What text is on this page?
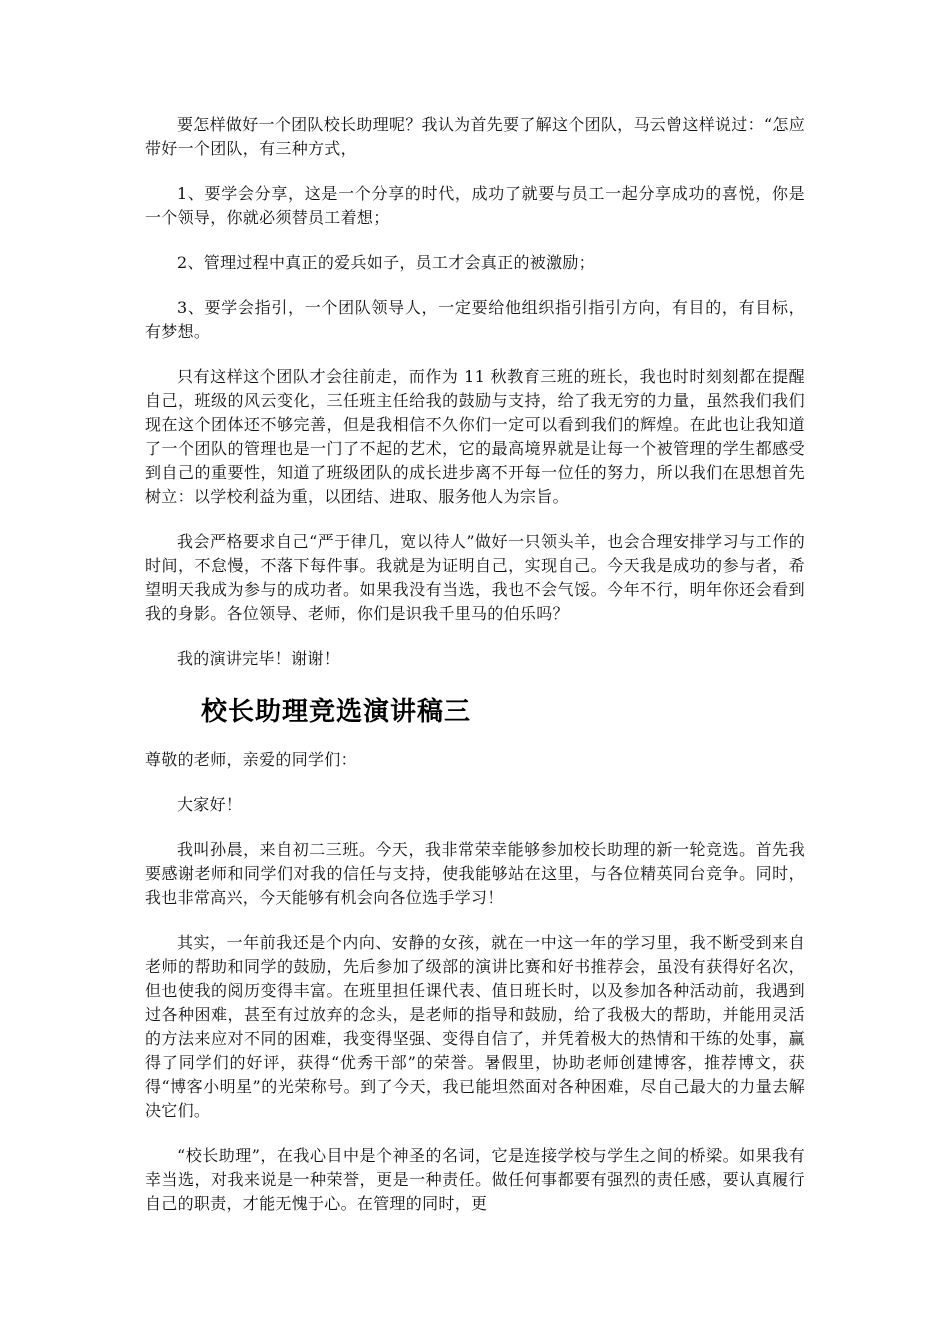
要怎样做好一个团队校长助理呢？我认为首先要了解这个团队，马云曾这样说过：“怎应带好一个团队，有三种方式，

1、要学会分享，这是一个分享的时代，成功了就要与员工一起分享成功的喜悦，你是一个领导，你就必须替员工着想；

2、管理过程中真正的爱兵如子，员工才会真正的被激励；

3、要学会指引，一个团队领导人，一定要给他组织指引指引方向，有目的，有目标，有梦想。

只有这样这个团队才会往前走，而作为 11 秋教育三班的班长，我也时时刻刻都在提醒自己，班级的风云变化，三任班主任给我的鼓励与支持，给了我无穷的力量，虽然我们我们现在这个团体还不够完善，但是我相信不久你们一定可以看到我们的辉煌。在此也让我知道了一个团队的管理也是一门了不起的艺术，它的最高境界就是让每一个被管理的学生都感受到自己的重要性，知道了班级团队的成长进步离不开每一位任的努力，所以我们在思想首先树立：以学校利益为重，以团结、进取、服务他人为宗旨。

我会严格要求自己“严于律几，宽以待人”做好一只领头羊，也会合理安排学习与工作的时间，不怠慢，不落下每件事。我就是为证明自己，实现自己。今天我是成功的参与者，希望明天我成为参与的成功者。如果我没有当选，我也不会气馁。今年不行，明年你还会看到我的身影。各位领导、老师，你们是识我千里马的伯乐吗？

我的演讲完毕！谢谢！

校长助理竞选演讲稿三

尊敬的老师，亲爱的同学们：

大家好！

我叫孙晨，来自初二三班。今天，我非常荣幸能够参加校长助理的新一轮竞选。首先我要感谢老师和同学们对我的信任与支持，使我能够站在这里，与各位精英同台竞争。同时，我也非常高兴，今天能够有机会向各位选手学习！

其实，一年前我还是个内向、安静的女孩，就在一中这一年的学习里，我不断受到来自老师的帮助和同学的鼓励，先后参加了级部的演讲比赛和好书推荐会，虽没有获得好名次，但也使我的阅历变得丰富。在班里担任课代表、值日班长时，以及参加各种活动前，我遇到过各种困难，甚至有过放弃的念头，是老师的指导和鼓励，给了我极大的帮助，并能用灵活的方法来应对不同的困难，我变得坚强、变得自信了，并凭着极大的热情和干练的处事，赢得了同学们的好评，获得“优秀干部”的荣誉。暑假里，协助老师创建博客，推荐博文，获得“博客小明星”的光荣称号。到了今天，我已能坦然面对各种困难，尽自己最大的力量去解决它们。

“校长助理”，在我心目中是个神圣的名词，它是连接学校与学生之间的桥梁。如果我有幸当选，对我来说是一种荣誉，更是一种责任。做任何事都要有强烈的责任感，要认真履行自己的职责，才能无愧于心。在管理的同时，更
